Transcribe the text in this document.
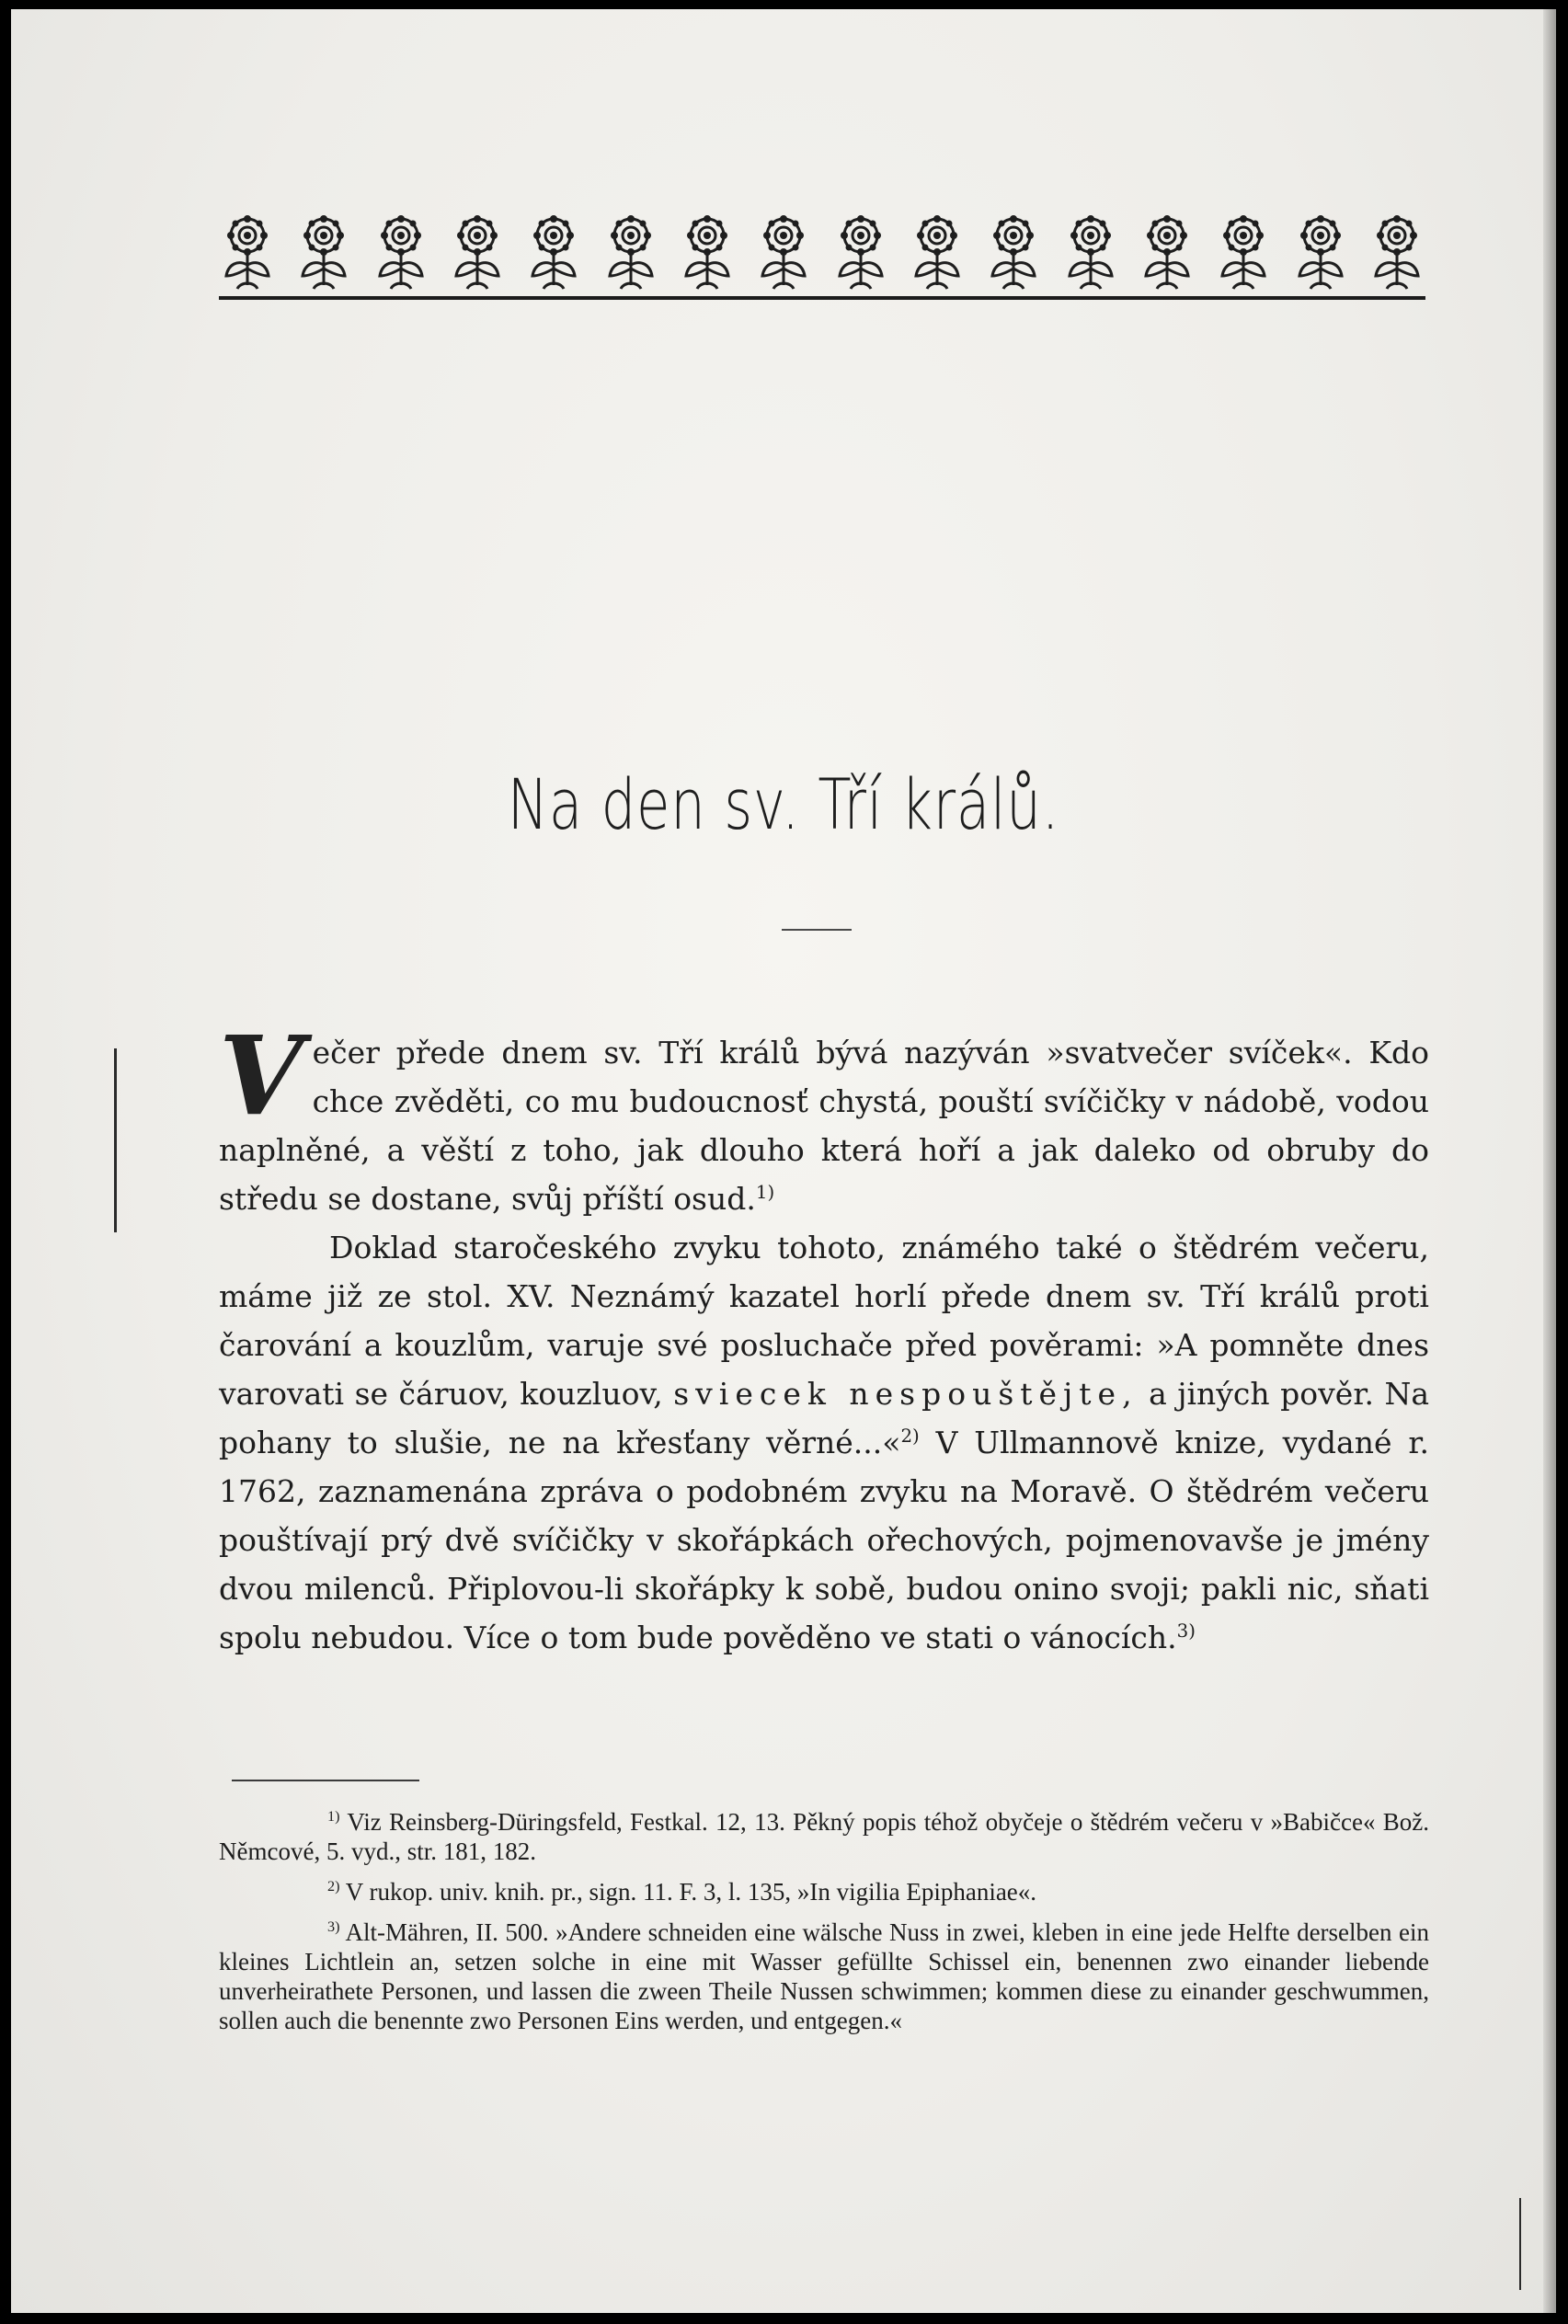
Na den sv. Tří králů.

Večer přede dnem sv. Tří králů bývá nazýván »svatvečer svíček«. Kdo chce zvěděti, co mu budoucnosť chystá, pouští svíčičky v nádobě, vodou naplněné, a věští z toho, jak dlouho která hoří a jak daleko od obruby do středu se dostane, svůj příští osud.$^{1)}$

Doklad staročeského zvyku tohoto, známého také o štědrém večeru, máme již ze stol. XV. Neznámý kazatel horlí přede dnem sv. Tří králů proti čarování a kouzlům, varuje své posluchače před pověrami: »A pomněte dnes varovati se čáruov, kouzluov, sviecek nespouštějte, a jiných pověr. Na pohany to slušie, ne na křesťany věrné...«$^{2)}$ V Ullmannově knize, vydané r. 1762, zaznamenána zpráva o podobném zvyku na Moravě. O štědrém večeru pouštívají prý dvě svíčičky v skořápkách ořechových, pojmenovavše je jmény dvou milenců. Připlovou-li skořápky k sobě, budou onino svoji; pakli nic, sňati spolu nebudou. Více o tom bude pověděno ve stati o vánocích.$^{3)}$

$^{1)}$ Viz Reinsberg-Düringsfeld, Festkal. 12, 13. Pěkný popis téhož obyčeje o štědrém večeru v »Babičce« Bož. Němcové, 5. vyd., str. 181, 182.

$^{2)}$ V rukop. univ. knih. pr., sign. 11. F. 3, l. 135, »In vigilia Epiphaniae«.

$^{3)}$ Alt-Mähren, II. 500. »Andere schneiden eine wälsche Nuss in zwei, kleben in eine jede Helfte derselben ein kleines Lichtlein an, setzen solche in eine mit Wasser gefüllte Schissel ein, benennen zwo einander liebende unverheirathete Personen, und lassen die zween Theile Nussen schwimmen; kommen diese zu einander geschwummen, sollen auch die benennte zwo Personen Eins werden, und entgegen.«
